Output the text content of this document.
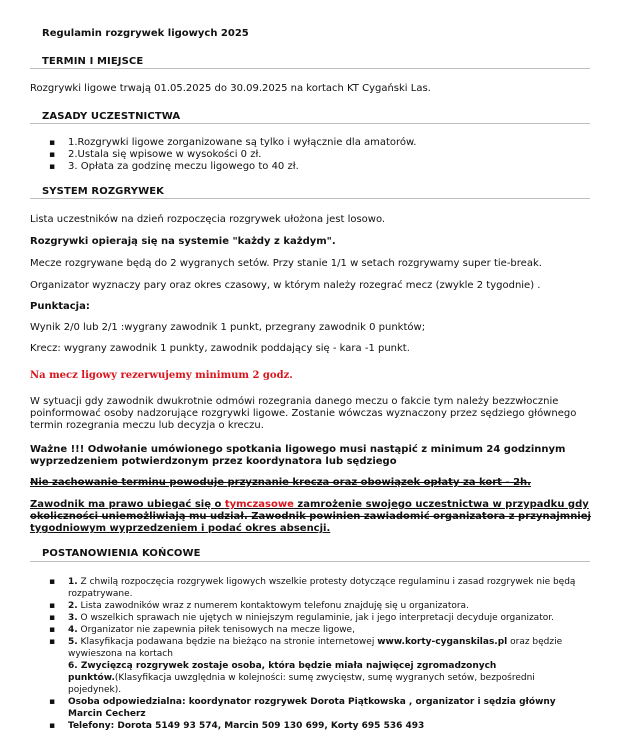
Regulamin rozgrywek ligowych 2025
TERMIN I MIEJSCE
Rozgrywki ligowe trwają 01.05.2025 do 30.09.2025 na kortach KT Cygański Las.
ZASADY UCZESTNICTWA
▪ 1.Rozgrywki ligowe zorganizowane są tylko i wyłącznie dla amatorów.
▪ 2.Ustala się wpisowe w wysokości 0 zł.
▪ 3. Opłata za godzinę meczu ligowego to 40 zł.
SYSTEM ROZGRYWEK
Lista uczestników na dzień rozpoczęcia rozgrywek ułożona jest losowo.
Rozgrywki opierają się na systemie "każdy z każdym".
Mecze rozgrywane będą do 2 wygranych setów. Przy stanie 1/1 w setach rozgrywamy super tie-break.
Organizator wyznaczy pary oraz okres czasowy, w którym należy rozegrać mecz (zwykle 2 tygodnie) .
Punktacja:
Wynik 2/0 lub 2/1 :wygrany zawodnik 1 punkt, przegrany zawodnik 0 punktów;
Krecz: wygrany zawodnik 1 punkty, zawodnik poddający się - kara -1 punkt.
Na mecz ligowy rezerwujemy minimum 2 godz.
W sytuacji gdy zawodnik dwukrotnie odmówi rozegrania danego meczu o fakcie tym należy bezzwłocznie
poinformować osoby nadzorujące rozgrywki ligowe. Zostanie wówczas wyznaczony przez sędziego głównego
termin rozegrania meczu lub decyzja o kreczu.
Ważne !!! Odwołanie umówionego spotkania ligowego musi nastąpić z minimum 24 godzinnym
wyprzedzeniem potwierdzonym przez koordynatora lub sędziego
Nie zachowanie terminu powoduje przyznanie krecza oraz obowiązek opłaty za kort - 2h.
Zawodnik ma prawo ubiegać się o tymczasowe zamrożenie swojego uczestnictwa w przypadku gdy
okoliczności uniemożliwiają mu udział. Zawodnik powinien zawiadomić organizatora z przynajmniej
tygodniowym wyprzedzeniem i podać okres absencji.
POSTANOWIENIA KOŃCOWE
▪ 1. Z chwilą rozpoczęcia rozgrywek ligowych wszelkie protesty dotyczące regulaminu i zasad rozgrywek nie będą
rozpatrywane.
▪ 2. Lista zawodników wraz z numerem kontaktowym telefonu znajduję się u organizatora.
▪ 3. O wszelkich sprawach nie ujętych w niniejszym regulaminie, jak i jego interpretacji decyduje organizator.
▪ 4. Organizator nie zapewnia piłek tenisowych na mecze ligowe,
▪ 5. Klasyfikacja podawana będzie na bieżąco na stronie internetowej www.korty-cyganskilas.pl oraz będzie
wywieszona na kortach
6. Zwycięzcą rozgrywek zostaje osoba, która będzie miała najwięcej zgromadzonych
punktów.(Klasyfikacja uwzględnia w kolejności: sumę zwycięstw, sumę wygranych setów, bezpośredni
pojedynek).
▪ Osoba odpowiedzialna: koordynator rozgrywek Dorota Piątkowska , organizator i sędzia główny
Marcin Cecherz
▪ Telefony: Dorota 5149 93 574, Marcin 509 130 699, Korty 695 536 493
